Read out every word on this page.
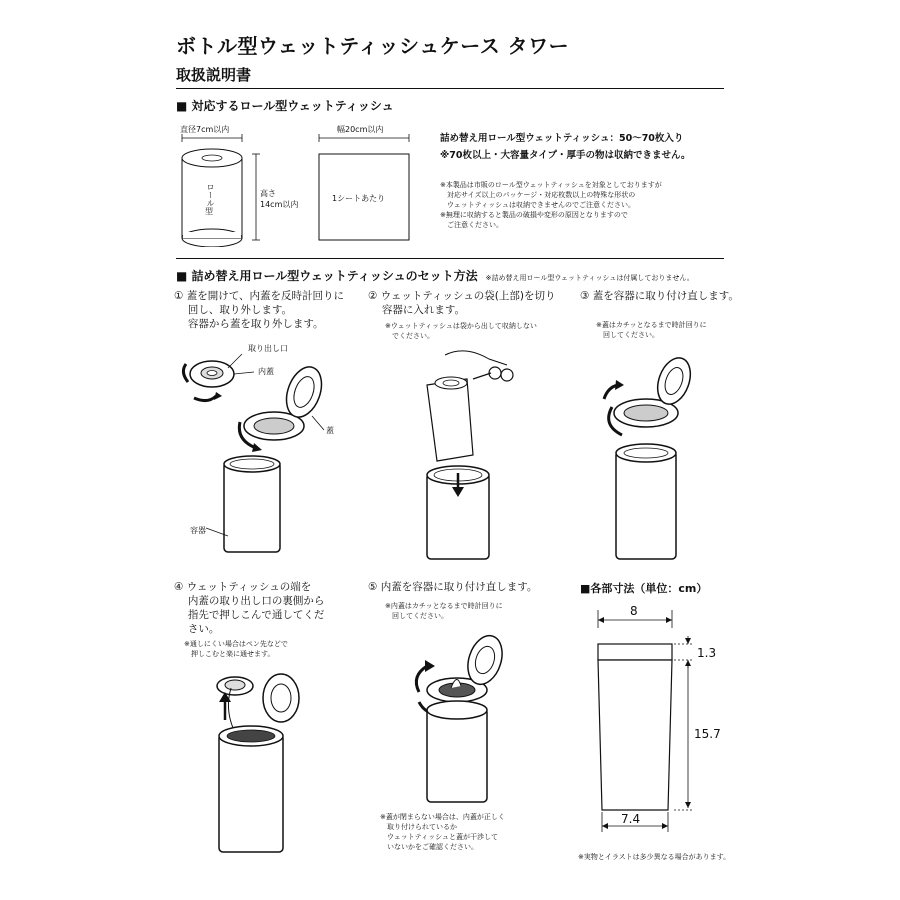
ボトル型ウェットティッシュケース タワー
取扱説明書
■ 対応するロール型ウェットティッシュ
直径7cm以内
ロール
型
高さ
14cm以内
幅20cm以内
1シートあたり
詰め替え用ロール型ウェットティッシュ：50〜70枚入り
※70枚以上・大容量タイプ・厚手の物は収納できません。
※本製品は市販のロール型ウェットティッシュを対象としておりますが
　対応サイズ以上のパッケージ・対応枚数以上の特殊な形状の
　ウェットティッシュは収納できませんのでご注意ください。
※無理に収納すると製品の破損や変形の原因となりますので
　ご注意ください。
■ 詰め替え用ロール型ウェットティッシュのセット方法 ※詰め替え用ロール型ウェットティッシュは付属しておりません。
① 蓋を開けて、内蓋を反時計回りに
　 回し、取り外します。
　 容器から蓋を取り外します。
取り出し口
内蓋
蓋
容器
② ウェットティッシュの袋(上部)を切り
　 容器に入れます。
※ウェットティッシュは袋から出して収納しない
　でください。
③ 蓋を容器に取り付け直します。
※蓋はカチッとなるまで時計回りに
　回してください。
④ ウェットティッシュの端を
　 内蓋の取り出し口の裏側から
　 指先で押しこんで通してくだ
　 さい。
※通しにくい場合はペン先などで
　押しこむと楽に通せます。
⑤ 内蓋を容器に取り付け直します。
※内蓋はカチッとなるまで時計回りに
　回してください。
※蓋が閉まらない場合は、内蓋が正しく
　取り付けられているか
　ウェットティッシュと蓋が干渉して
　いないかをご確認ください。
■各部寸法（単位：cm）
8
1.3
15.7
7.4
※実物とイラストは多少異なる場合があります。
